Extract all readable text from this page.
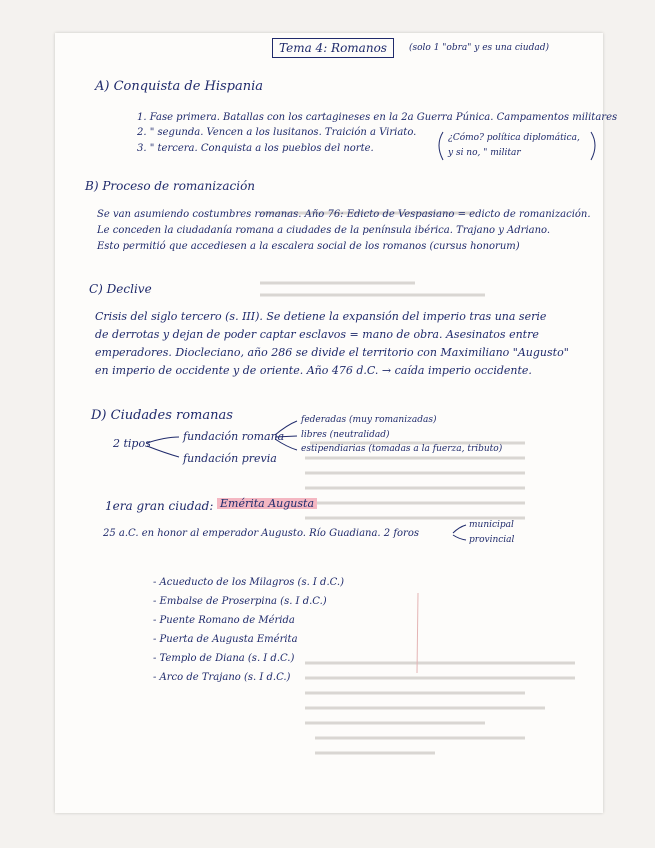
Tema 4: Romanos	(solo 1 "obra" y es una ciudad)
A) Conquista de Hispania
1. Fase primera. Batallas con los cartagineses en la 2a Guerra Púnica. Campamentos militares
2. " segunda. Vencen a los lusitanos. Traición a Viriato.
3. " tercera. Conquista a los pueblos del norte.
¿Cómo? política diplomática,
y si no, " militar
B) Proceso de romanización
Se van asumiendo costumbres romanas. Año 76: Edicto de Vespasiano = edicto de romanización.
Le conceden la ciudadanía romana a ciudades de la península ibérica. Trajano y Adriano.
Esto permitió que accediesen a la escalera social de los romanos (cursus honorum)
C) Declive
Crisis del siglo tercero (s. III). Se detiene la expansión del imperio tras una serie
de derrotas y dejan de poder captar esclavos = mano de obra. Asesinatos entre
emperadores. Diocleciano, año 286 se divide el territorio con Maximiliano "Augusto"
en imperio de occidente y de oriente. Año 476 d.C. → caída imperio occidente.
D) Ciudades romanas
2 tipos
fundación romana
fundación previa
federadas (muy romanizadas)
libres (neutralidad)
estipendiarias (tomadas a la fuerza, tributo)
1era gran ciudad: Emérita Augusta
25 a.C. en honor al emperador Augusto. Río Guadiana. 2 foros
municipal
provincial
- Acueducto de los Milagros (s. I d.C.)
- Embalse de Proserpina (s. I d.C.)
- Puente Romano de Mérida
- Puerta de Augusta Emérita
- Templo de Diana (s. I d.C.)
- Arco de Trajano (s. I d.C.)
